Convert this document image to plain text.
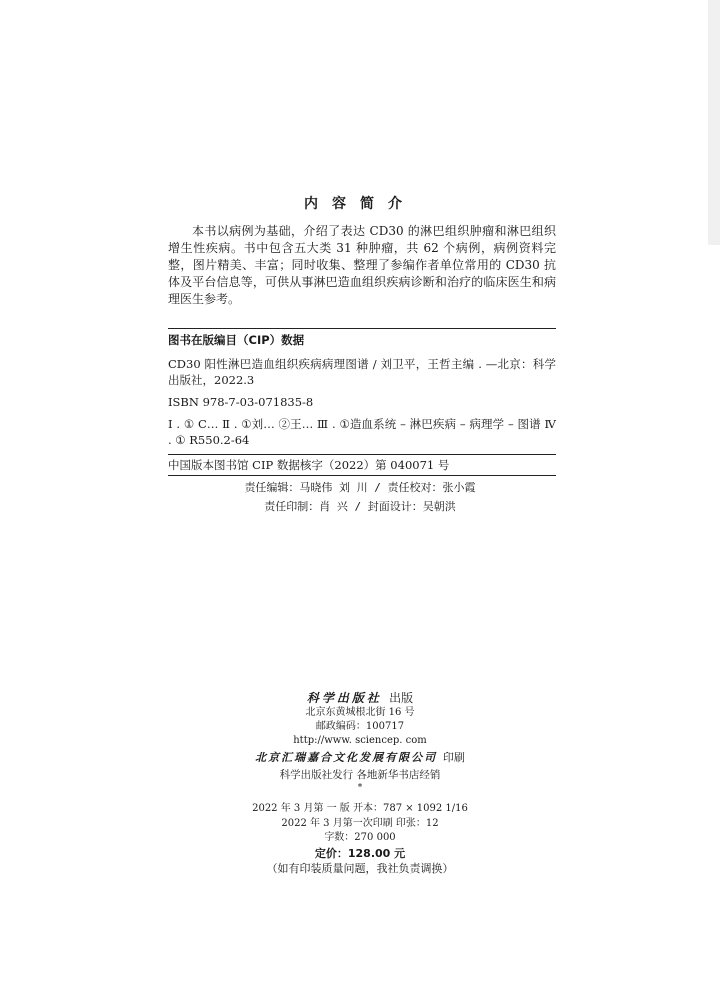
内容简介

本书以病例为基础，介绍了表达 CD30 的淋巴组织肿瘤和淋巴组织增生性疾病。书中包含五大类 31 种肿瘤，共 62 个病例，病例资料完整，图片精美、丰富；同时收集、整理了参编作者单位常用的 CD30 抗体及平台信息等，可供从事淋巴造血组织疾病诊断和治疗的临床医生和病理医生参考。

图书在版编目（CIP）数据

CD30 阳性淋巴造血组织疾病病理图谱 / 刘卫平，王哲主编 . —北京：科学出版社，2022.3

ISBN 978-7-03-071835-8

Ⅰ . ① C… Ⅱ . ①刘… ②王… Ⅲ . ①造血系统 – 淋巴疾病 – 病理学 – 图谱 Ⅳ . ① R550.2-64

中国版本图书馆 CIP 数据核字（2022）第 040071 号
责任编辑：马晓伟 刘 川 / 责任校对：张小霞
责任印制：肖 兴 / 封面设计：吴朝洪
科学出版社 出版
北京东黄城根北街 16 号
邮政编码：100717
http://www. sciencep. com
北京汇瑞嘉合文化发展有限公司 印刷
科学出版社发行 各地新华书店经销
*
2022 年 3 月第 一 版 开本：787 × 1092 1/16
2022 年 3 月第一次印刷 印张：12
字数：270 000
定价：128.00 元
（如有印装质量问题，我社负责调换）
